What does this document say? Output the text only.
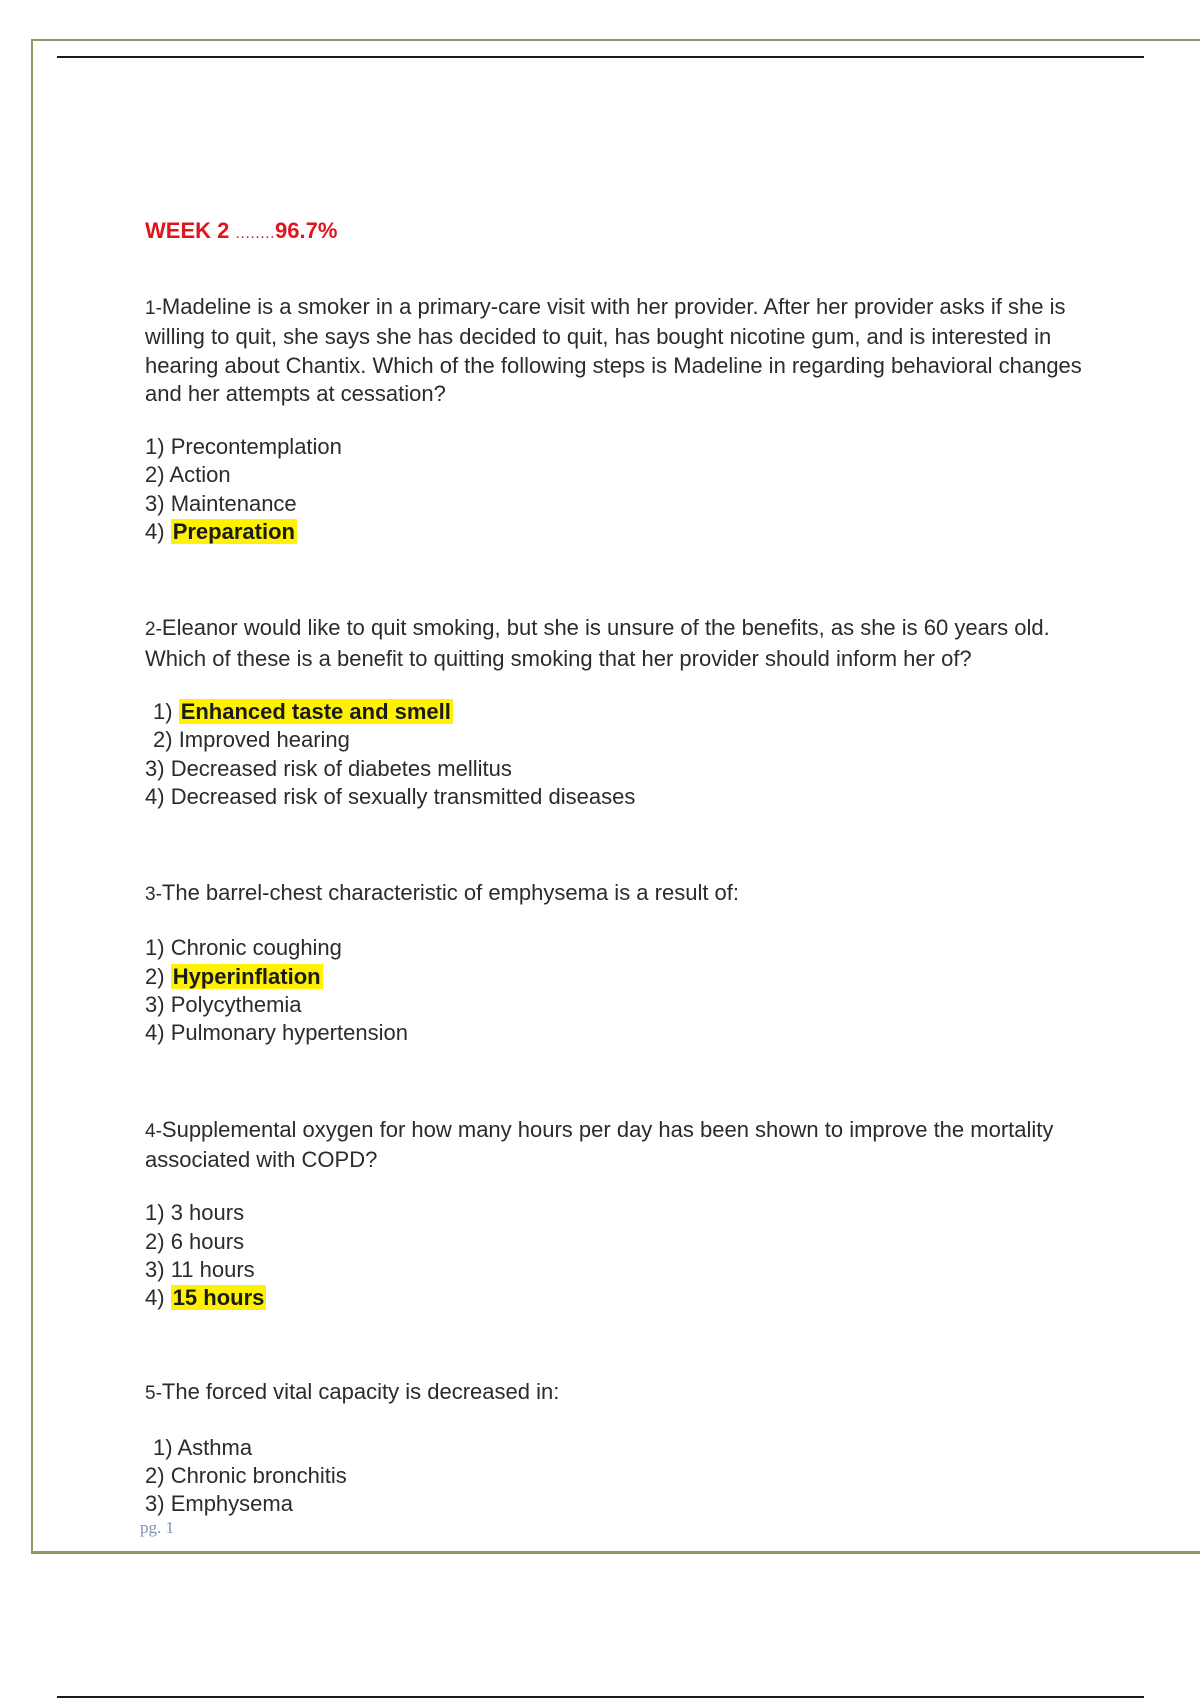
WEEK 2 ........96.7%

1-Madeline is a smoker in a primary-care visit with her provider. After her provider asks if she is willing to quit, she says she has decided to quit, has bought nicotine gum, and is interested in hearing about Chantix. Which of the following steps is Madeline in regarding behavioral changes and her attempts at cessation?

1) Precontemplation
2) Action
3) Maintenance
4) Preparation

2-Eleanor would like to quit smoking, but she is unsure of the benefits, as she is 60 years old. Which of these is a benefit to quitting smoking that her provider should inform her of?

1) Enhanced taste and smell
2) Improved hearing
3) Decreased risk of diabetes mellitus
4) Decreased risk of sexually transmitted diseases

3-The barrel-chest characteristic of emphysema is a result of:

1) Chronic coughing
2) Hyperinflation
3) Polycythemia
4) Pulmonary hypertension

4-Supplemental oxygen for how many hours per day has been shown to improve the mortality associated with COPD?

1) 3 hours
2) 6 hours
3) 11 hours
4) 15 hours

5-The forced vital capacity is decreased in:

1) Asthma
2) Chronic bronchitis
3) Emphysema
pg. 1
